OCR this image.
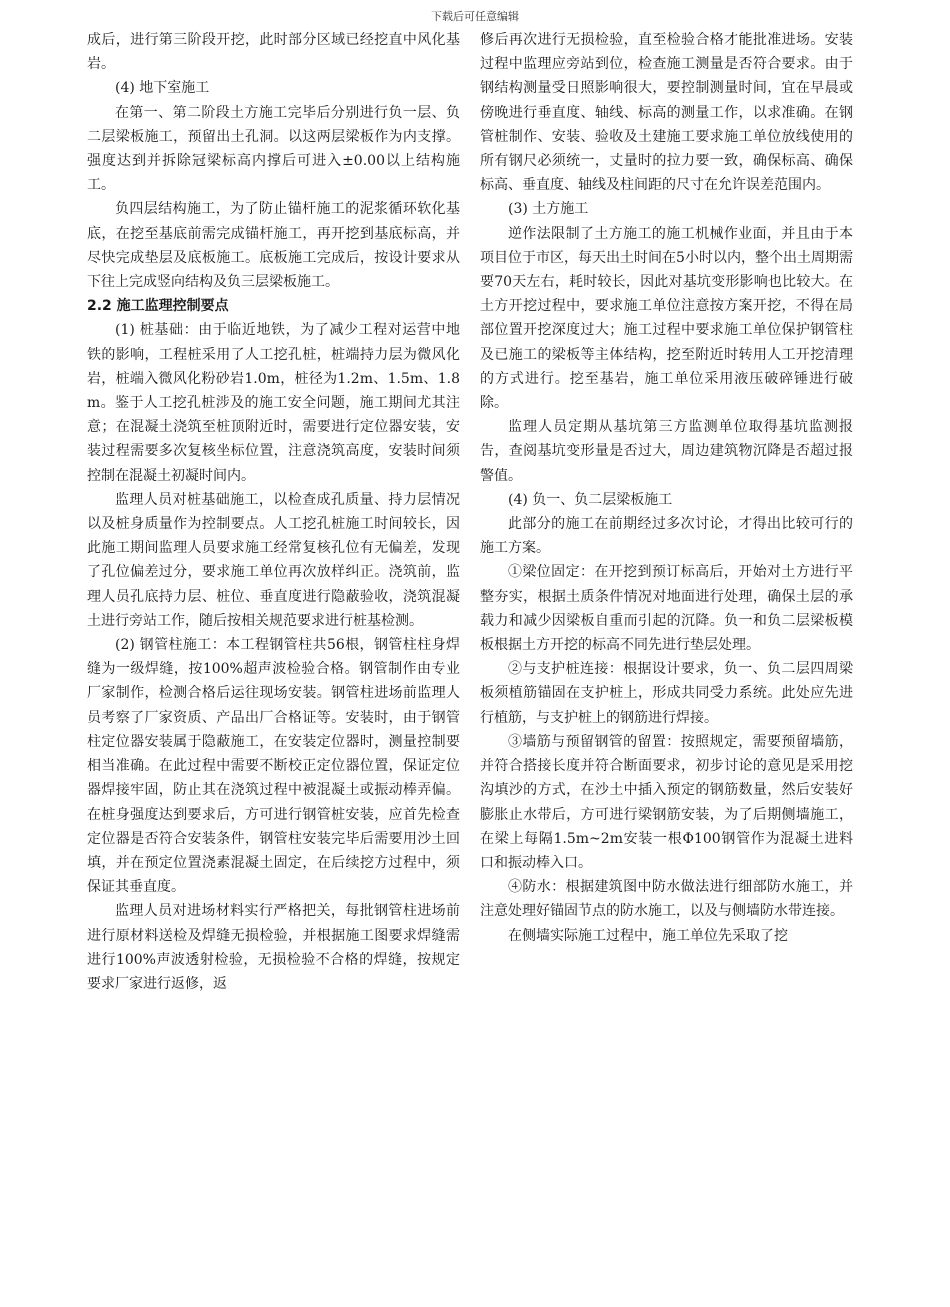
下载后可任意编辑

成后，进行第三阶段开挖，此时部分区域已经挖直中风化基岩。

(4) 地下室施工

在第一、第二阶段土方施工完毕后分别进行负一层、负二层梁板施工，预留出土孔洞。以这两层梁板作为内支撑。强度达到并拆除冠梁标高内撑后可进入±0.00以上结构施工。

负四层结构施工，为了防止锚杆施工的泥浆循环软化基底，在挖至基底前需完成锚杆施工，再开挖到基底标高，并尽快完成垫层及底板施工。底板施工完成后，按设计要求从下往上完成竖向结构及负三层梁板施工。

2.2 施工监理控制要点

(1) 桩基础：由于临近地铁，为了减少工程对运营中地铁的影响，工程桩采用了人工挖孔桩，桩端持力层为微风化岩，桩端入微风化粉砂岩1.0m，桩径为1.2m、1.5m、1.8m。鉴于人工挖孔桩涉及的施工安全问题，施工期间尤其注意；在混凝土浇筑至桩顶附近时，需要进行定位器安装，安装过程需要多次复核坐标位置，注意浇筑高度，安装时间须控制在混凝土初凝时间内。

监理人员对桩基础施工，以检查成孔质量、持力层情况以及桩身质量作为控制要点。人工挖孔桩施工时间较长，因此施工期间监理人员要求施工经常复核孔位有无偏差，发现了孔位偏差过分，要求施工单位再次放样纠正。浇筑前，监理人员孔底持力层、桩位、垂直度进行隐蔽验收，浇筑混凝土进行旁站工作，随后按相关规范要求进行桩基检测。

(2) 钢管柱施工：本工程钢管柱共56根，钢管柱柱身焊缝为一级焊缝，按100%超声波检验合格。钢管制作由专业厂家制作，检测合格后运往现场安装。钢管柱进场前监理人员考察了厂家资质、产品出厂合格证等。安装时，由于钢管柱定位器安装属于隐蔽施工，在安装定位器时，测量控制要相当准确。在此过程中需要不断校正定位器位置，保证定位器焊接牢固，防止其在浇筑过程中被混凝土或振动棒弄偏。在桩身强度达到要求后，方可进行钢管桩安装，应首先检查定位器是否符合安装条件，钢管柱安装完毕后需要用沙土回填，并在预定位置浇素混凝土固定，在后续挖方过程中，须保证其垂直度。

监理人员对进场材料实行严格把关，每批钢管柱进场前进行原材料送检及焊缝无损检验，并根据施工图要求焊缝需进行100%声波透射检验，无损检验不合格的焊缝，按规定要求厂家进行返修，返

修后再次进行无损检验，直至检验合格才能批准进场。安装过程中监理应旁站到位，检查施工测量是否符合要求。由于钢结构测量受日照影响很大，要控制测量时间，宜在早晨或傍晚进行垂直度、轴线、标高的测量工作，以求准确。在钢管桩制作、安装、验收及土建施工要求施工单位放线使用的所有钢尺必须统一，丈量时的拉力要一致，确保标高、确保标高、垂直度、轴线及柱间距的尺寸在允许误差范围内。

(3) 土方施工

逆作法限制了土方施工的施工机械作业面，并且由于本项目位于市区，每天出土时间在5小时以内，整个出土周期需要70天左右，耗时较长，因此对基坑变形影响也比较大。在土方开挖过程中，要求施工单位注意按方案开挖，不得在局部位置开挖深度过大；施工过程中要求施工单位保护钢管柱及已施工的梁板等主体结构，挖至附近时转用人工开挖清理的方式进行。挖至基岩，施工单位采用液压破碎锤进行破除。

监理人员定期从基坑第三方监测单位取得基坑监测报告，查阅基坑变形量是否过大，周边建筑物沉降是否超过报警值。

(4) 负一、负二层梁板施工

此部分的施工在前期经过多次讨论，才得出比较可行的施工方案。

①梁位固定：在开挖到预订标高后，开始对土方进行平整夯实，根据土质条件情况对地面进行处理，确保土层的承载力和减少因梁板自重而引起的沉降。负一和负二层梁板模板根据土方开挖的标高不同先进行垫层处理。

②与支护桩连接：根据设计要求，负一、负二层四周梁板须植筋锚固在支护桩上，形成共同受力系统。此处应先进行植筋，与支护桩上的钢筋进行焊接。

③墙筋与预留钢管的留置：按照规定，需要预留墙筋，并符合搭接长度并符合断面要求，初步讨论的意见是采用挖沟填沙的方式，在沙土中插入预定的钢筋数量，然后安装好膨胀止水带后，方可进行梁钢筋安装，为了后期侧墙施工，在梁上每隔1.5m~2m安装一根Φ100钢管作为混凝土进料口和振动棒入口。

④防水：根据建筑图中防水做法进行细部防水施工，并注意处理好锚固节点的防水施工，以及与侧墙防水带连接。

在侧墙实际施工过程中，施工单位先采取了挖
